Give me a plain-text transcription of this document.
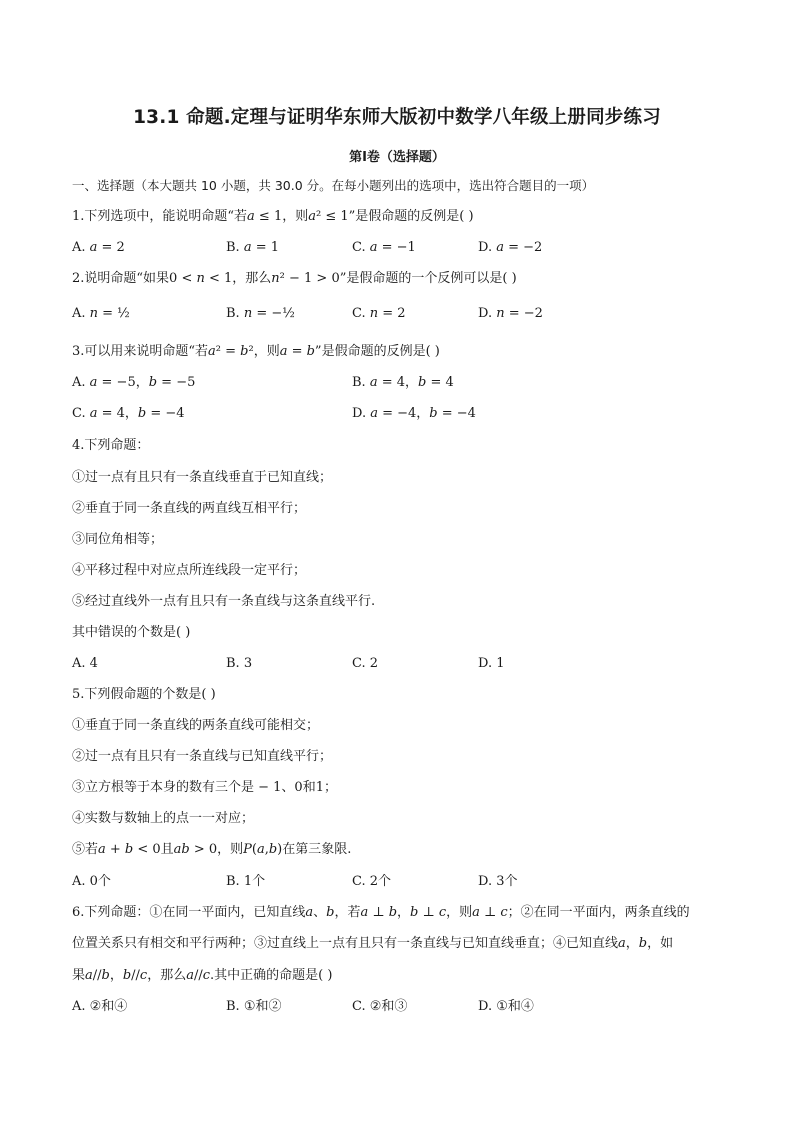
13.1 命题.定理与证明华东师大版初中数学八年级上册同步练习
第Ⅰ卷（选择题）
一、选择题（本大题共 10 小题，共 30.0 分。在每小题列出的选项中，选出符合题目的一项）
1.下列选项中，能说明命题“若𝑎 ≤ 1，则𝑎² ≤ 1”是假命题的反例是( )
A. 𝑎 = 2	B. 𝑎 = 1	C. 𝑎 = −1	D. 𝑎 = −2
2.说明命题“如果0 < 𝑛 < 1，那么𝑛² − 1 > 0”是假命题的一个反例可以是( )
A. 𝑛 = ½	B. 𝑛 = −½	C. 𝑛 = 2	D. 𝑛 = −2
3.可以用来说明命题“若𝑎² = 𝑏²，则𝑎 = 𝑏”是假命题的反例是( )
A. 𝑎 = −5，𝑏 = −5	B. 𝑎 = 4，𝑏 = 4
C. 𝑎 = 4，𝑏 = −4	D. 𝑎 = −4，𝑏 = −4
4.下列命题：
①过一点有且只有一条直线垂直于已知直线；
②垂直于同一条直线的两直线互相平行；
③同位角相等；
④平移过程中对应点所连线段一定平行；
⑤经过直线外一点有且只有一条直线与这条直线平行.
其中错误的个数是( )
A. 4	B. 3	C. 2	D. 1
5.下列假命题的个数是( )
①垂直于同一条直线的两条直线可能相交；
②过一点有且只有一条直线与已知直线平行；
③立方根等于本身的数有三个是 − 1、0和1；
④实数与数轴上的点一一对应；
⑤若𝑎 + 𝑏 < 0且𝑎𝑏 > 0，则𝑃(𝑎,𝑏)在第三象限.
A. 0个	B. 1个	C. 2个	D. 3个
6.下列命题：①在同一平面内，已知直线𝑎、𝑏，若𝑎 ⊥ 𝑏，𝑏 ⊥ 𝑐，则𝑎 ⊥ 𝑐；②在同一平面内，两条直线的
位置关系只有相交和平行两种；③过直线上一点有且只有一条直线与已知直线垂直；④已知直线𝑎，𝑏，如
果𝑎//𝑏，𝑏//𝑐，那么𝑎//𝑐.其中正确的命题是( )
A. ②和④	B. ①和②	C. ②和③	D. ①和④
